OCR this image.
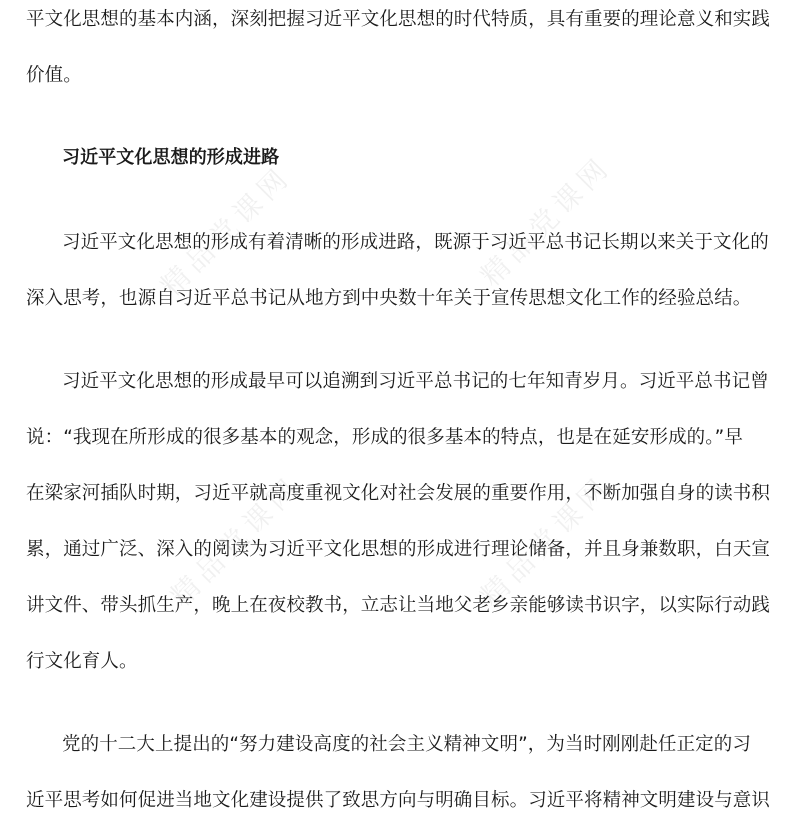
精品党课网	精品党课网
精品党课网	精品党课网
平文化思想的基本内涵，深刻把握习近平文化思想的时代特质，具有重要的理论意义和实践
价值。
习近平文化思想的形成进路
习近平文化思想的形成有着清晰的形成进路，既源于习近平总书记长期以来关于文化的
深入思考，也源自习近平总书记从地方到中央数十年关于宣传思想文化工作的经验总结。
习近平文化思想的形成最早可以追溯到习近平总书记的七年知青岁月。习近平总书记曾
说：“我现在所形成的很多基本的观念，形成的很多基本的特点，也是在延安形成的。”早
在梁家河插队时期，习近平就高度重视文化对社会发展的重要作用，不断加强自身的读书积
累，通过广泛、深入的阅读为习近平文化思想的形成进行理论储备，并且身兼数职，白天宣
讲文件、带头抓生产，晚上在夜校教书，立志让当地父老乡亲能够读书识字，以实际行动践
行文化育人。
党的十二大上提出的“努力建设高度的社会主义精神文明”，为当时刚刚赴任正定的习
近平思考如何促进当地文化建设提供了致思方向与明确目标。习近平将精神文明建设与意识
